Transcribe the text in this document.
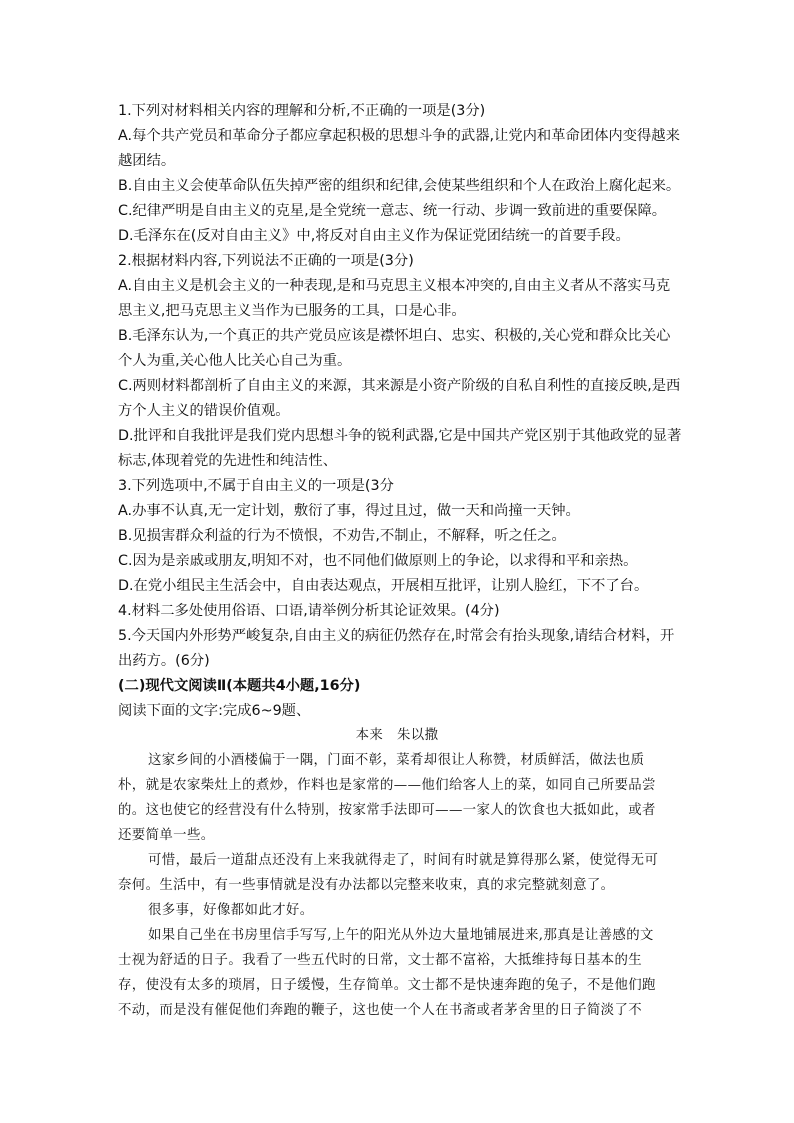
1.下列对材料相关内容的理解和分析,不正确的一项是(3分)
A.每个共产党员和革命分子都应拿起积极的思想斗争的武器,让党内和革命团体内变得越来
越团结。
B.自由主义会使革命队伍失掉严密的组织和纪律,会使某些组织和个人在政治上腐化起来。
C.纪律严明是自由主义的克星,是全党统一意志、统一行动、步调一致前进的重要保障。
D.毛泽东在(反对自由主义》中,将反对自由主义作为保证党团结统一的首要手段。
2.根据材料内容,下列说法不正确的一项是(3分)
A.自由主义是机会主义的一种表现,是和马克思主义根本冲突的,自由主义者从不落实马克
思主义,把马克思主义当作为已服务的工具，口是心非。
B.毛泽东认为,一个真正的共产党员应该是襟怀坦白、忠实、积极的,关心党和群众比关心
个人为重,关心他人比关心自己为重。
C.两则材料都剖析了自由主义的来源，其来源是小资产阶级的自私自利性的直接反映,是西
方个人主义的错误价值观。
D.批评和自我批评是我们党内思想斗争的锐利武器,它是中国共产党区别于其他政党的显著
标志,体现着党的先进性和纯洁性、
3.下列选项中,不属于自由主义的一项是(3分
A.办事不认真,无一定计划，敷衍了事，得过且过，做一天和尚撞一天钟。
B.见损害群众利益的行为不愤恨，不劝告,不制止，不解释，听之任之。
C.因为是亲戚或朋友,明知不对，也不同他们做原则上的争论，以求得和平和亲热。
D.在党小组民主生活会中，自由表达观点，开展相互批评，让别人脸红，下不了台。
4.材料二多处使用俗语、口语,请举例分析其论证效果。(4分)
5.今天国内外形势严峻复杂,自由主义的病征仍然存在,时常会有抬头现象,请结合材料，开
出药方。(6分)
(二)现代文阅读Ⅱ(本题共4小题,16分)
阅读下面的文字:完成6~9题、
本来　朱以撒
这家乡间的小酒楼偏于一隅，门面不彰，菜肴却很让人称赞，材质鲜活，做法也质
朴，就是农家柴灶上的煮炒，作料也是家常的——他们给客人上的菜，如同自己所要品尝
的。这也使它的经营没有什么特别，按家常手法即可——一家人的饮食也大抵如此，或者
还要简单一些。
可惜，最后一道甜点还没有上来我就得走了，时间有时就是算得那么紧，使觉得无可
奈何。生活中，有一些事情就是没有办法都以完整来收束，真的求完整就刻意了。
很多事，好像都如此才好。
如果自己坐在书房里信手写写,上午的阳光从外边大量地铺展进来,那真是让善感的文
士视为舒适的日子。我看了一些五代时的日常，文士都不富裕，大抵维持每日基本的生
存，使没有太多的琐屑，日子缓慢，生存简单。文士都不是快速奔跑的兔子，不是他们跑
不动，而是没有催促他们奔跑的鞭子，这也使一个人在书斋或者茅舍里的日子简淡了不
